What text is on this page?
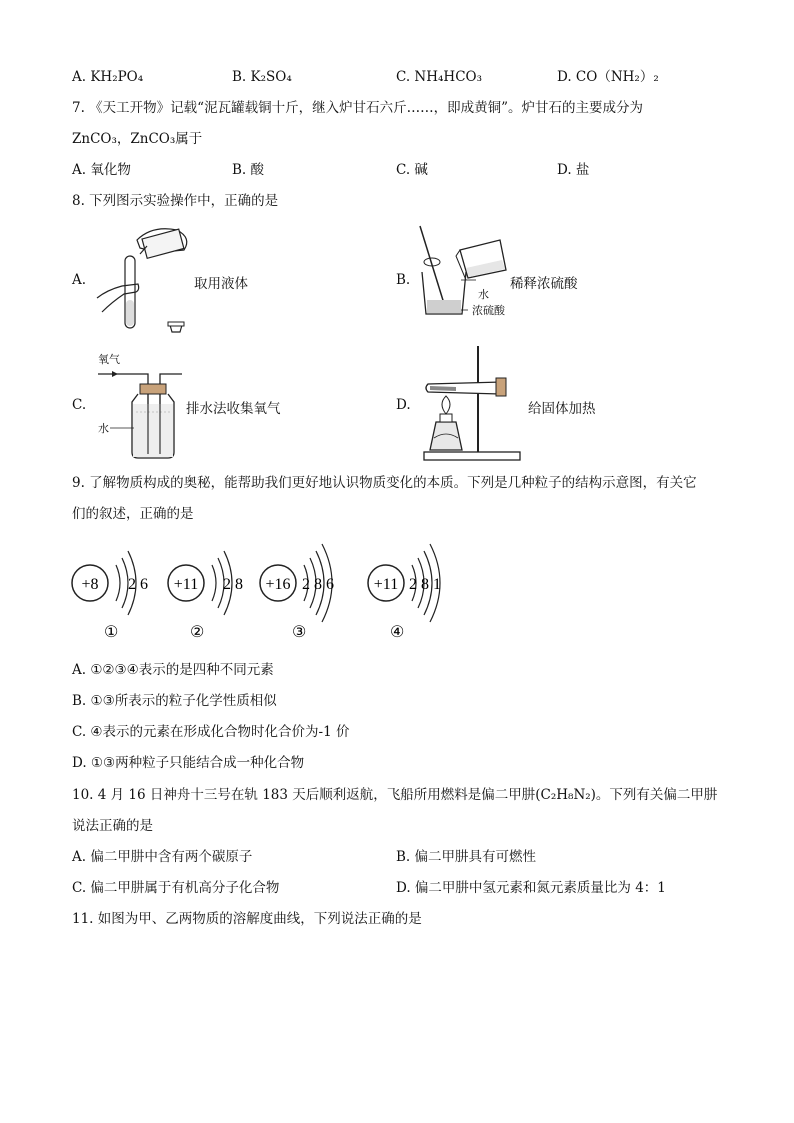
A. KH₂PO₄	B. K₂SO₄	C. NH₄HCO₃	D. CO（NH₂）₂
7. 《天工开物》记载“泥瓦罐载铜十斤，继入炉甘石六斤……，即成黄铜”。炉甘石的主要成分为
ZnCO₃，ZnCO₃属于
A. 氧化物	B. 酸	C. 碱	D. 盐
8. 下列图示实验操作中，正确的是
A.	取用液体	B.
水
浓硫酸
稀释浓硫酸
氧气
C.
水
排水法收集氧气	D.	给固体加热
9. 了解物质构成的奥秘，能帮助我们更好地认识物质变化的本质。下列是几种粒子的结构示意图，有关它
们的叙述，正确的是
+8 2 6
①
+11 2 8
②
+16 2 8 6
③
+11 2 8 1
④
A. ①②③④表示的是四种不同元素
B. ①③所表示的粒子化学性质相似
C. ④表示的元素在形成化合物时化合价为-1 价
D. ①③两种粒子只能结合成一种化合物
10. 4 月 16 日神舟十三号在轨 183 天后顺利返航，飞船所用燃料是偏二甲肼(C₂H₈N₂)。下列有关偏二甲肼
说法正确的是
A. 偏二甲肼中含有两个碳原子	B. 偏二甲肼具有可燃性
C. 偏二甲肼属于有机高分子化合物	D. 偏二甲肼中氢元素和氮元素质量比为 4：1
11. 如图为甲、乙两物质的溶解度曲线，下列说法正确的是
